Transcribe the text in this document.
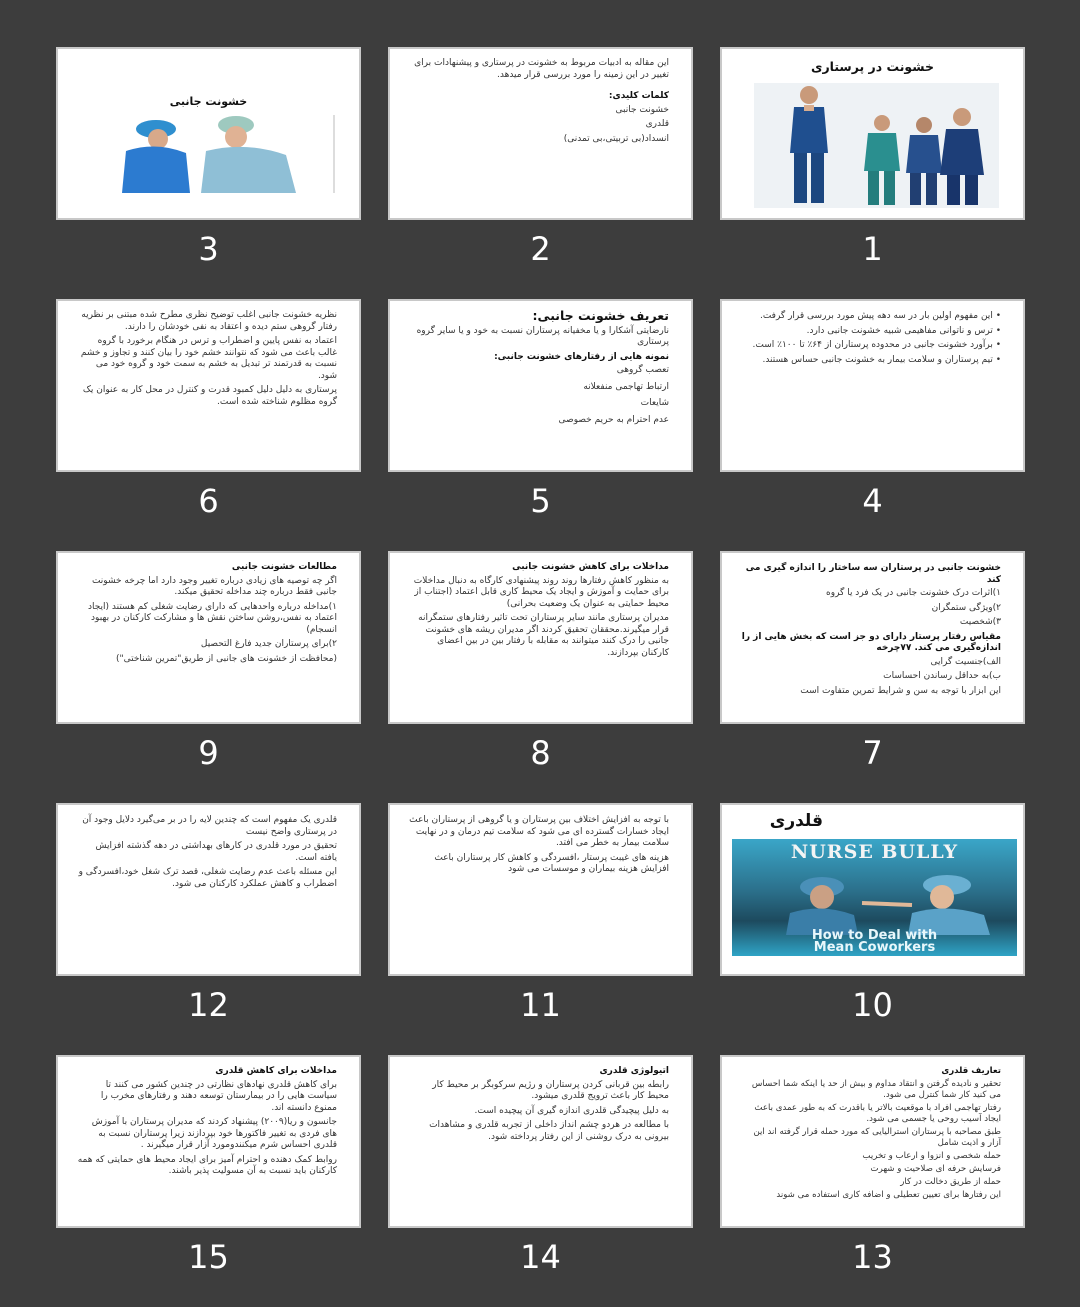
خشونت در پرستاری
1
این مقاله به ادبیات مربوط به خشونت در پرستاری و پیشنهادات برای تغییر در این زمینه را مورد بررسی قرار میدهد.
کلمات کلیدی:
خشونت جانبی
قلدری
انسداد(بی تربیتی،بی تمدنی)
2
خشونت جانبی
3
• این مفهوم اولین بار در سه دهه پیش مورد بررسی قرار گرفت.
• ترس و ناتوانی مفاهیمی شبیه خشونت جانبی دارد.
• برآورد خشونت جانبی در محدوده پرستاران از ۶۴٪ تا ۱۰۰٪ است.
• تیم پرستاران و سلامت بیمار به خشونت جانبی حساس هستند.
4
تعریف خشونت جانبی:
نارضایتی آشکارا و یا مخفیانه پرستاران نسبت به خود و یا سایر گروه پرستاری
نمونه هایی از رفتارهای خشونت جانبی:
تعصب گروهی
ارتباط تهاجمی منفعلانه
شایعات
عدم احترام به حریم خصوصی
5
نظریه خشونت جانبی اغلب توضیح نظری مطرح شده مبتنی بر نظریه رفتار گروهی ستم دیده و اعتقاد به نفی خودشان را دارند.
اعتماد به نفس پایین و اضطراب و ترس در هنگام برخورد با گروه غالب باعث می شود که نتوانند خشم خود را بیان کنند و تجاوز و خشم نسبت به قدرتمند تر تبدیل به خشم به سمت خود و گروه خود می شود.
پرستاری به دلیل دلیل کمبود قدرت و کنترل در محل کار به عنوان یک گروه مظلوم شناخته شده است.
6
خشونت جانبی در پرستاران سه ساختار را اندازه گیری می کند
۱)اثرات درک خشونت جانبی در یک فرد یا گروه
۲)ویژگی ستمگران
۳)شخصیت
مقیاس رفتار پرستار دارای دو جز است که بخش هایی از را اندازه‌گیری می کند. ۷۷چرخه
الف)جنسیت گرایی
ب)به حداقل رساندن احساسات
این ابزار با توجه به سن و شرایط تمرین متفاوت است
7
مداخلات برای کاهش خشونت جانبی
به منظور کاهش رفتارها روند روند پیشنهادی کارگاه به دنبال مداخلات برای حمایت و آموزش و ایجاد یک محیط کاری قابل اعتماد (اجتناب از محیط حمایتی به عنوان یک وضعیت بحرانی)
مدیران پرستاری مانند سایر پرستاران تحت تاثیر رفتارهای ستمگرانه قرار میگیرند.محققان تحقیق کردند اگر مدیران ریشه های خشونت جانبی را درک کنند میتوانند به مقابله با رفتار بین در بین اعضای کارکنان بپردازند.
8
مطالعات خشونت جانبی
اگر چه توصیه های زیادی درباره تغییر وجود دارد اما چرخه خشونت جانبی فقط درباره چند مداخله تحقیق میکند.
۱)مداخله درباره واحدهایی که دارای رضایت شغلی کم هستند (ایجاد اعتماد به نفس،روشن ساختن نقش ها و مشارکت کارکنان در بهبود انسجام)
۲)برای پرستاران جدید فارغ التحصیل
(محافظت از خشونت های جانبی از طریق"تمرین شناختی")
9
قلدری
NURSE BULLY
How to Deal with
Mean Coworkers
10
با توجه به افزایش اختلاف بین پرستاران و یا گروهی از پرستاران باعث ایجاد خسارات گسترده ای می شود که سلامت تیم درمان و در نهایت سلامت بیمار به خطر می افتد.
هزینه های غیبت پرستار ،افسردگی و کاهش کار پرستاران باعث افزایش هزینه بیماران و موسسات می شود
11
قلدری یک مفهوم است که چندین لایه را در بر می‌گیرد دلایل وجود آن در پرستاری واضح نیست
تحقیق در مورد قلدری در کارهای بهداشتی در دهه گذشته افزایش یافته است.
این مسئله باعث عدم رضایت شغلی، قصد ترک شغل خود،افسردگی و اضطراب و کاهش عملکرد کارکنان می شود.
12
تعاریف قلدری
تحقیر و نادیده گرفتن و انتقاد مداوم و بیش از حد یا اینکه شما احساس می کنید کار شما کنترل می شود.
رفتار تهاجمی افراد با موقعیت بالاتر یا باقدرت که به طور عمدی باعث ایجاد آسیب روحی یا جسمی می شود.
طبق مصاحبه با پرستاران استرالیایی که مورد حمله قرار گرفته اند این آزار و اذیت شامل
حمله شخصی و انزوا و ارعاب و تخریب
فرسایش حرفه ای صلاحیت و شهرت
حمله از طریق دخالت در کار
این رفتارها برای تعیین تعطیلی و اضافه کاری استفاده می شوند
13
اتیولوژی قلدری
رابطه بین قربانی کردن پرستاران و رژیم سرکوبگر بر محیط کار محیط کار باعث ترویج قلدری میشود.
به دلیل پیچیدگی قلدری اندازه گیری آن پیچیده است.
با مطالعه در هردو چشم انداز داخلی از تجربه قلدری و مشاهدات بیرونی به درک روشنی از این رفتار پرداخته شود.
14
مداخلات برای کاهش قلدری
برای کاهش قلدری نهادهای نظارتی در چندین کشور می کنند تا سیاست هایی را در بیمارستان توسعه دهند و رفتارهای مخرب را ممنوع دانسته اند.
جانسون و ریا(۲۰۰۹) پیشنهاد کردند که مدیران پرستاران با آموزش های فردی به تغییر فاکتورها خود بپردازند زیرا پرستاران نسبت به قلدری احساس شرم میکنندومورد آزار قرار میگیرند .
روابط کمک دهنده و احترام آمیز برای ایجاد محیط های حمایتی که همه کارکنان باید نسبت به آن مسولیت پذیر باشند.
15
